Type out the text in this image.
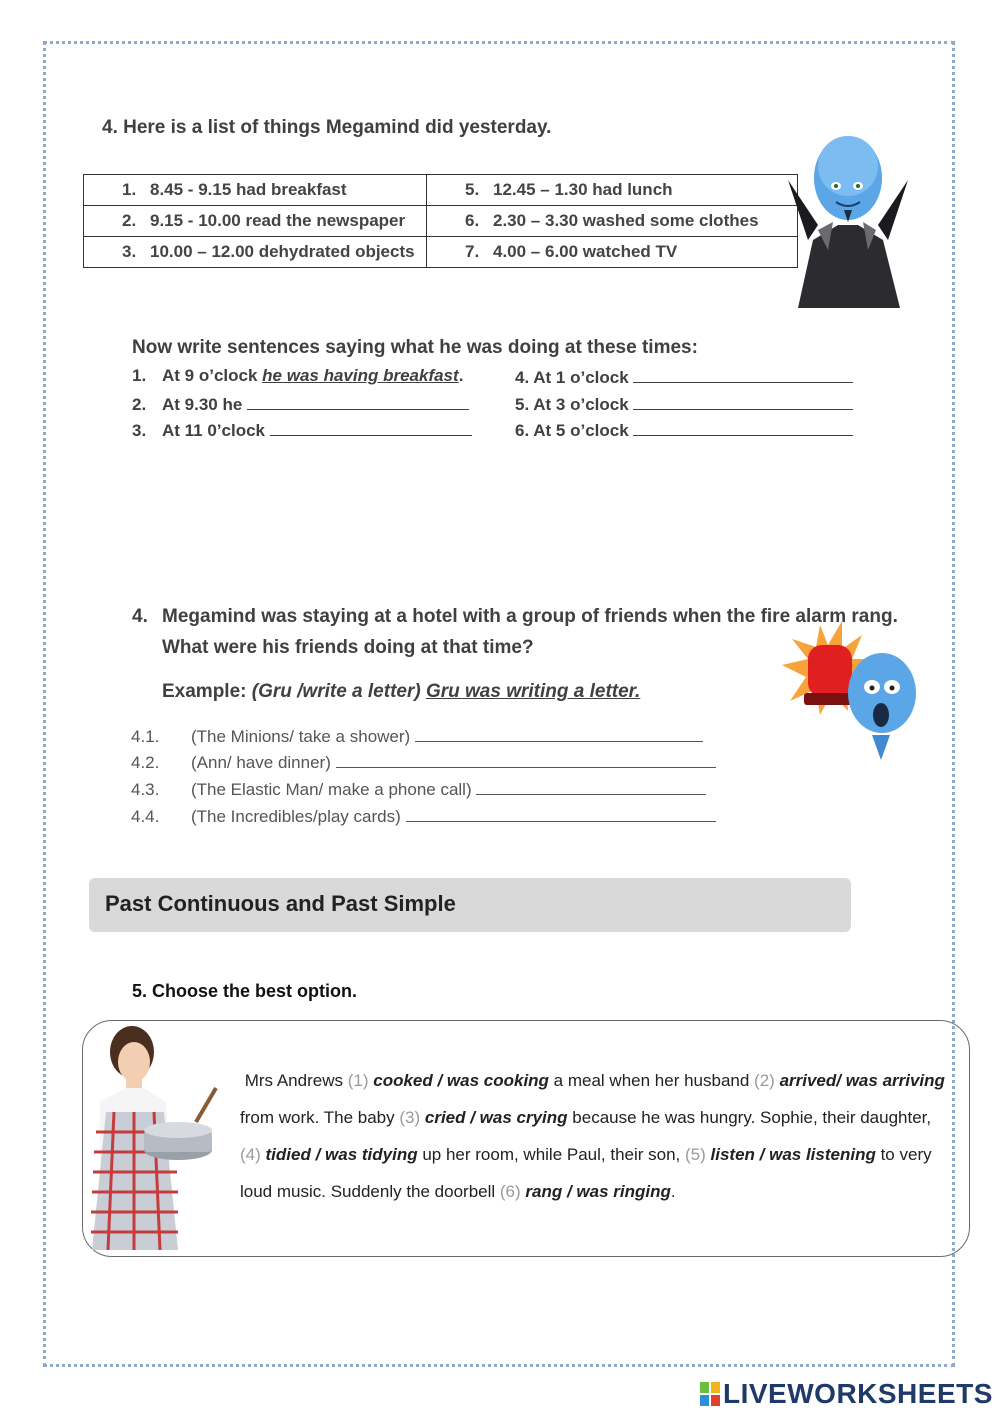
4. Here is a list of things Megamind did yesterday.
1. 8.45 - 9.15 had breakfast	5. 12.45 – 1.30 had lunch
2. 9.15 - 10.00 read the newspaper	6. 2.30 – 3.30 washed some clothes
3. 10.00 – 12.00 dehydrated objects	7. 4.00 – 6.00 watched TV
Now write sentences saying what he was doing at these times:
1. At 9 o’clock he was having breakfast.
2. At 9.30 he
3. At 11 0’clock
4. At 1 o’clock
5. At 3 o’clock
6. At 5 o’clock
4. Megamind was staying at a hotel with a group of friends when the fire alarm rang.
What were his friends doing at that time?
Example: (Gru /write a letter) Gru was writing a letter.
4.1. (The Minions/ take a shower)
4.2. (Ann/ have dinner)
4.3. (The Elastic Man/ make a phone call)
4.4. (The Incredibles/play cards)
Past Continuous and Past Simple
5. Choose the best option.
Mrs Andrews (1) cooked / was cooking a meal when her husband (2) arrived/ was arriving from work. The baby (3) cried / was crying because he was hungry. Sophie, their daughter, (4) tidied / was tidying up her room, while Paul, their son, (5) listen / was listening to very loud music. Suddenly the doorbell (6) rang / was ringing.
LIVEWORKSHEETS
